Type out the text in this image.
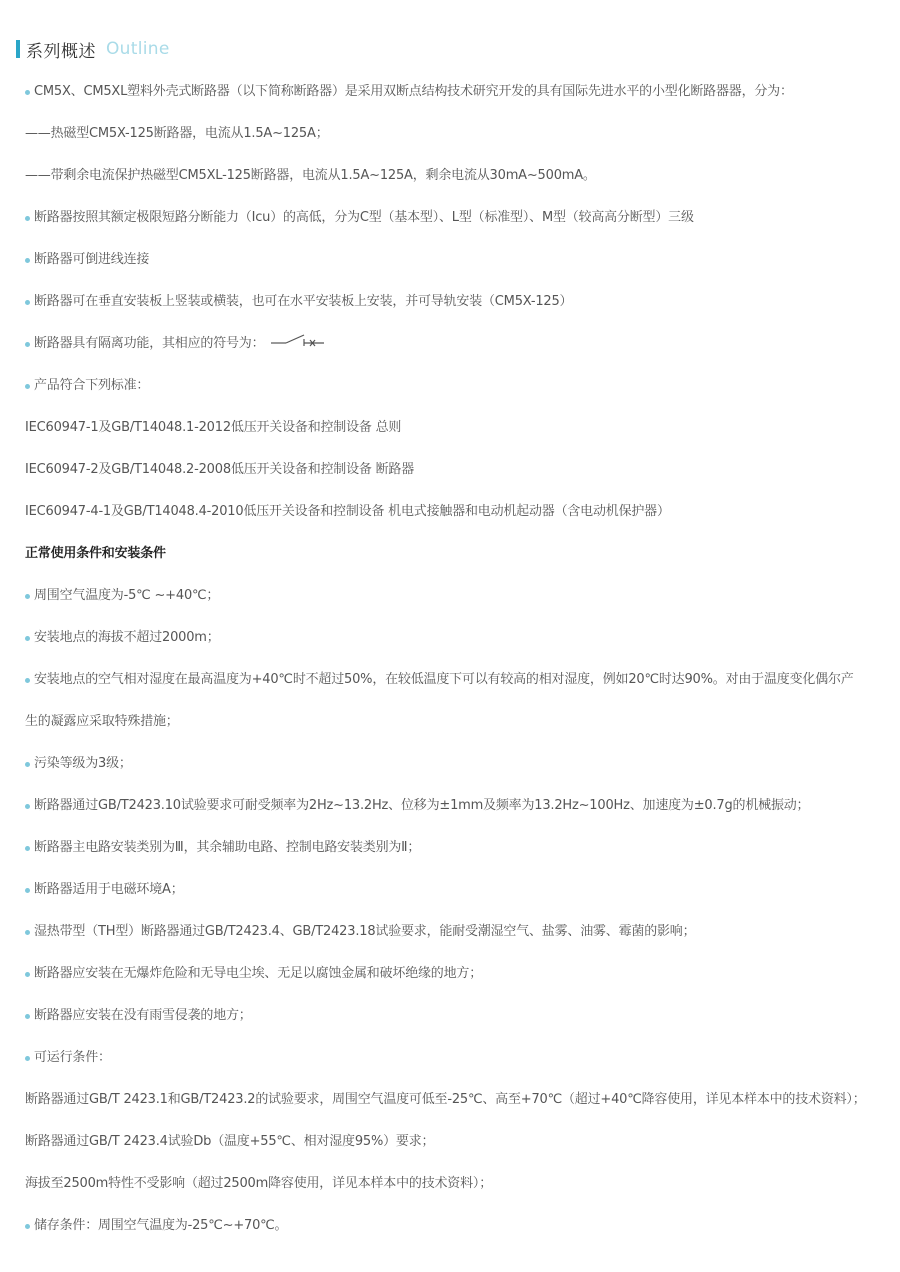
系列概述 Outline
CM5X、CM5XL塑料外壳式断路器（以下简称断路器）是采用双断点结构技术研究开发的具有国际先进水平的小型化断路器器，分为：
——热磁型CM5X-125断路器，电流从1.5A~125A；
——带剩余电流保护热磁型CM5XL-125断路器，电流从1.5A~125A，剩余电流从30mA~500mA。
断路器按照其额定极限短路分断能力（Icu）的高低，分为C型（基本型）、L型（标准型）、M型（较高高分断型）三级
断路器可倒进线连接
断路器可在垂直安装板上竖装或横装，也可在水平安装板上安装，并可导轨安装（CM5X-125）
断路器具有隔离功能，其相应的符号为：
产品符合下列标准：
IEC60947-1及GB/T14048.1-2012低压开关设备和控制设备 总则
IEC60947-2及GB/T14048.2-2008低压开关设备和控制设备 断路器
IEC60947-4-1及GB/T14048.4-2010低压开关设备和控制设备 机电式接触器和电动机起动器（含电动机保护器）
正常使用条件和安装条件
周围空气温度为-5℃ ~+40℃；
安装地点的海拔不超过2000m；
安装地点的空气相对湿度在最高温度为+40℃时不超过50%，在较低温度下可以有较高的相对湿度，例如20℃时达90%。对由于温度变化偶尔产
生的凝露应采取特殊措施；
污染等级为3级；
断路器通过GB/T2423.10试验要求可耐受频率为2Hz~13.2Hz、位移为±1mm及频率为13.2Hz~100Hz、加速度为±0.7g的机械振动；
断路器主电路安装类别为Ⅲ，其余辅助电路、控制电路安装类别为Ⅱ；
断路器适用于电磁环境A；
湿热带型（TH型）断路器通过GB/T2423.4、GB/T2423.18试验要求，能耐受潮湿空气、盐雾、油雾、霉菌的影响；
断路器应安装在无爆炸危险和无导电尘埃、无足以腐蚀金属和破坏绝缘的地方；
断路器应安装在没有雨雪侵袭的地方；
可运行条件：
断路器通过GB/T 2423.1和GB/T2423.2的试验要求，周围空气温度可低至-25℃、高至+70℃（超过+40℃降容使用，详见本样本中的技术资料）；
断路器通过GB/T 2423.4试验Db（温度+55℃、相对湿度95%）要求；
海拔至2500m特性不受影响（超过2500m降容使用，详见本样本中的技术资料）；
储存条件：周围空气温度为-25℃~+70℃。
